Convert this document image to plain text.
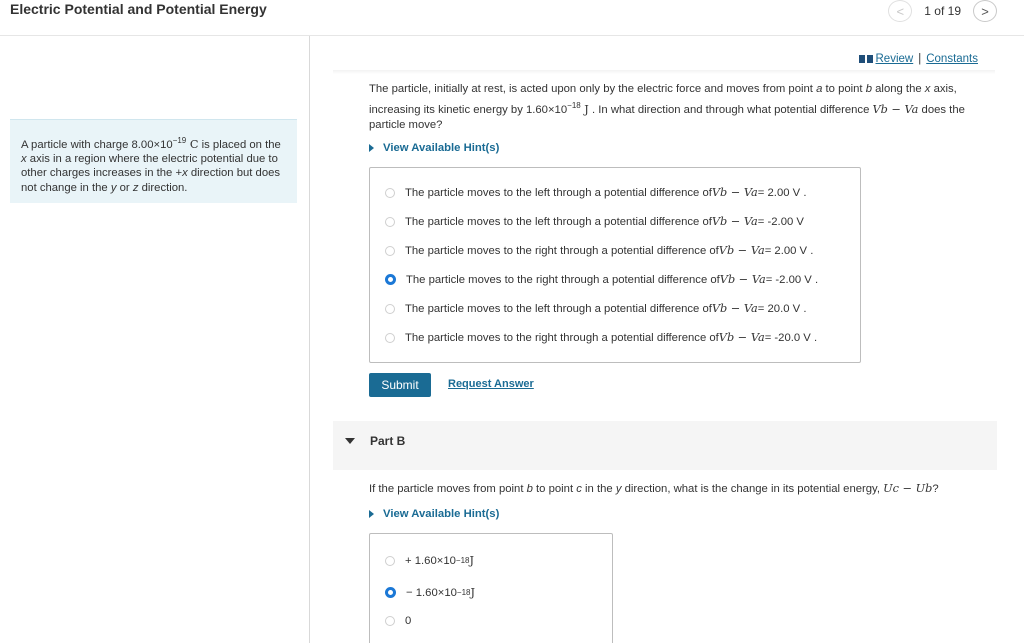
Electric Potential and Potential Energy	< 1 of 19 >
A particle with charge $8.00\times 10^{-19}$ C is placed on the x axis in a region where the electric potential due to other charges increases in the +x direction but does not change in the y or z direction.
Review | Constants
The particle, initially at rest, is acted upon only by the electric force and moves from point a to point b along the x axis, increasing its kinetic energy by $1.60\times 10^{-18}$ J . In what direction and through what potential difference Vb − Va does the particle move?
View Available Hint(s)
The particle moves to the left through a potential difference of Vb − Va = 2.00 V .
The particle moves to the left through a potential difference of Vb − Va = -2.00 V
The particle moves to the right through a potential difference of Vb − Va = 2.00 V .
The particle moves to the right through a potential difference of Vb − Va = -2.00 V .
The particle moves to the left through a potential difference of Vb − Va = 20.0 V .
The particle moves to the right through a potential difference of Vb − Va = -20.0 V .
Submit	Request Answer
Part B
If the particle moves from point b to point c in the y direction, what is the change in its potential energy, Uc − Ub?
View Available Hint(s)
+ 1.60×10 −18 J
− 1.60×10 −18 J
0
